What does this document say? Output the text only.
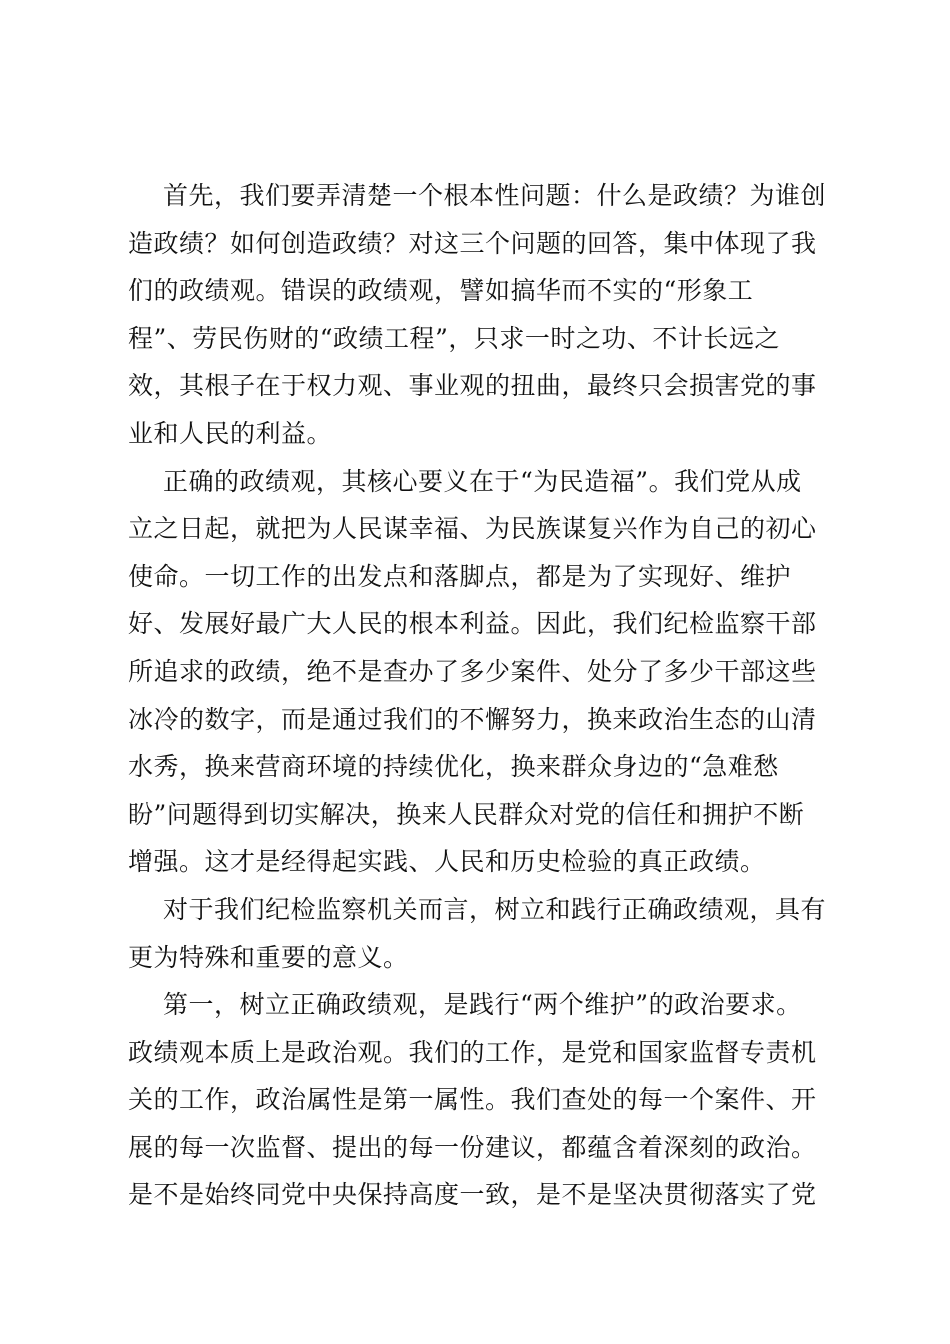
首先，我们要弄清楚一个根本性问题：什么是政绩？为谁创
造政绩？如何创造政绩？对这三个问题的回答，集中体现了我
们的政绩观。错误的政绩观，譬如搞华而不实的“形象工
程”、劳民伤财的“政绩工程”，只求一时之功、不计长远之
效，其根子在于权力观、事业观的扭曲，最终只会损害党的事
业和人民的利益。
正确的政绩观，其核心要义在于“为民造福”。我们党从成
立之日起，就把为人民谋幸福、为民族谋复兴作为自己的初心
使命。一切工作的出发点和落脚点，都是为了实现好、维护
好、发展好最广大人民的根本利益。因此，我们纪检监察干部
所追求的政绩，绝不是查办了多少案件、处分了多少干部这些
冰冷的数字，而是通过我们的不懈努力，换来政治生态的山清
水秀，换来营商环境的持续优化，换来群众身边的“急难愁
盼”问题得到切实解决，换来人民群众对党的信任和拥护不断
增强。这才是经得起实践、人民和历史检验的真正政绩。
对于我们纪检监察机关而言，树立和践行正确政绩观，具有
更为特殊和重要的意义。
第一，树立正确政绩观，是践行“两个维护”的政治要求。
政绩观本质上是政治观。我们的工作，是党和国家监督专责机
关的工作，政治属性是第一属性。我们查处的每一个案件、开
展的每一次监督、提出的每一份建议，都蕴含着深刻的政治。
是不是始终同党中央保持高度一致，是不是坚决贯彻落实了党
